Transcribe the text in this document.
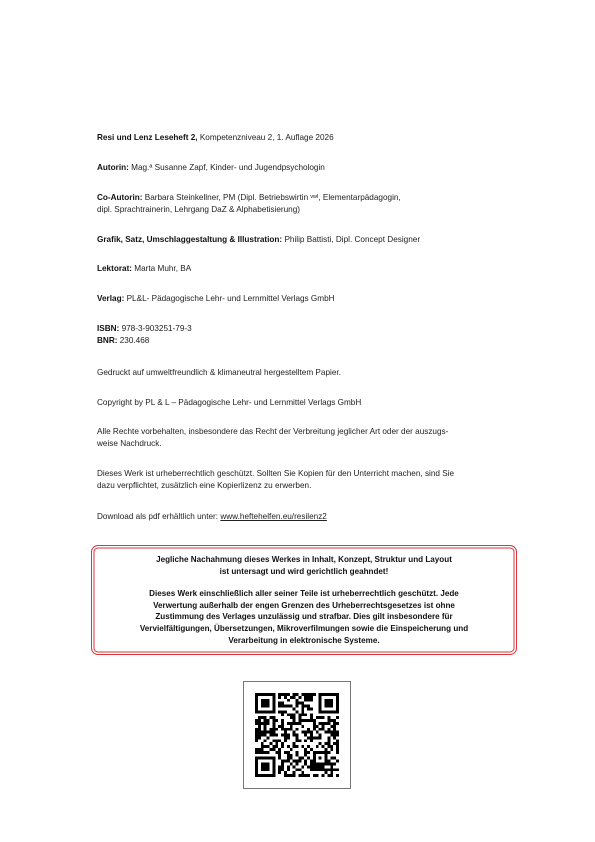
Resi und Lenz Leseheft 2, Kompetenzniveau 2, 1. Auflage 2026
Autorin: Mag.ª Susanne Zapf, Kinder- und Jugendpsychologin
Co-Autorin: Barbara Steinkellner, PM (Dipl. Betriebswirtin ᵛʷᴵ, Elementarpädagogin,
dipl. Sprachtrainerin, Lehrgang DaZ & Alphabetisierung)
Grafik, Satz, Umschlaggestaltung & Illustration: Philip Battisti, Dipl. Concept Designer
Lektorat: Marta Muhr, BA
Verlag: PL&L- Pädagogische Lehr- und Lernmittel Verlags GmbH
ISBN: 978-3-903251-79-3
BNR: 230.468
Gedruckt auf umweltfreundlich & klimaneutral hergestelltem Papier.
Copyright by PL & L – Pädagogische Lehr- und Lernmittel Verlags GmbH
Alle Rechte vorbehalten, insbesondere das Recht der Verbreitung jeglicher Art oder der auszugs-
weise Nachdruck.
Dieses Werk ist urheberrechtlich geschützt. Sollten Sie Kopien für den Unterricht machen, sind Sie
dazu verpflichtet, zusätzlich eine Kopierlizenz zu erwerben.
Download als pdf erhältlich unter: www.heftehelfen.eu/resilenz2

Jegliche Nachahmung dieses Werkes in Inhalt, Konzept, Struktur und Layout

ist untersagt und wird gerichtlich geahndet!

Dieses Werk einschließlich aller seiner Teile ist urheberrechtlich geschützt. Jede

Verwertung außerhalb der engen Grenzen des Urheberrechtsgesetzes ist ohne

Zustimmung des Verlages unzulässig und strafbar. Dies gilt insbesondere für

Vervielfältigungen, Übersetzungen, Mikroverfilmungen sowie die Einspeicherung und

Verarbeitung in elektronische Systeme.
